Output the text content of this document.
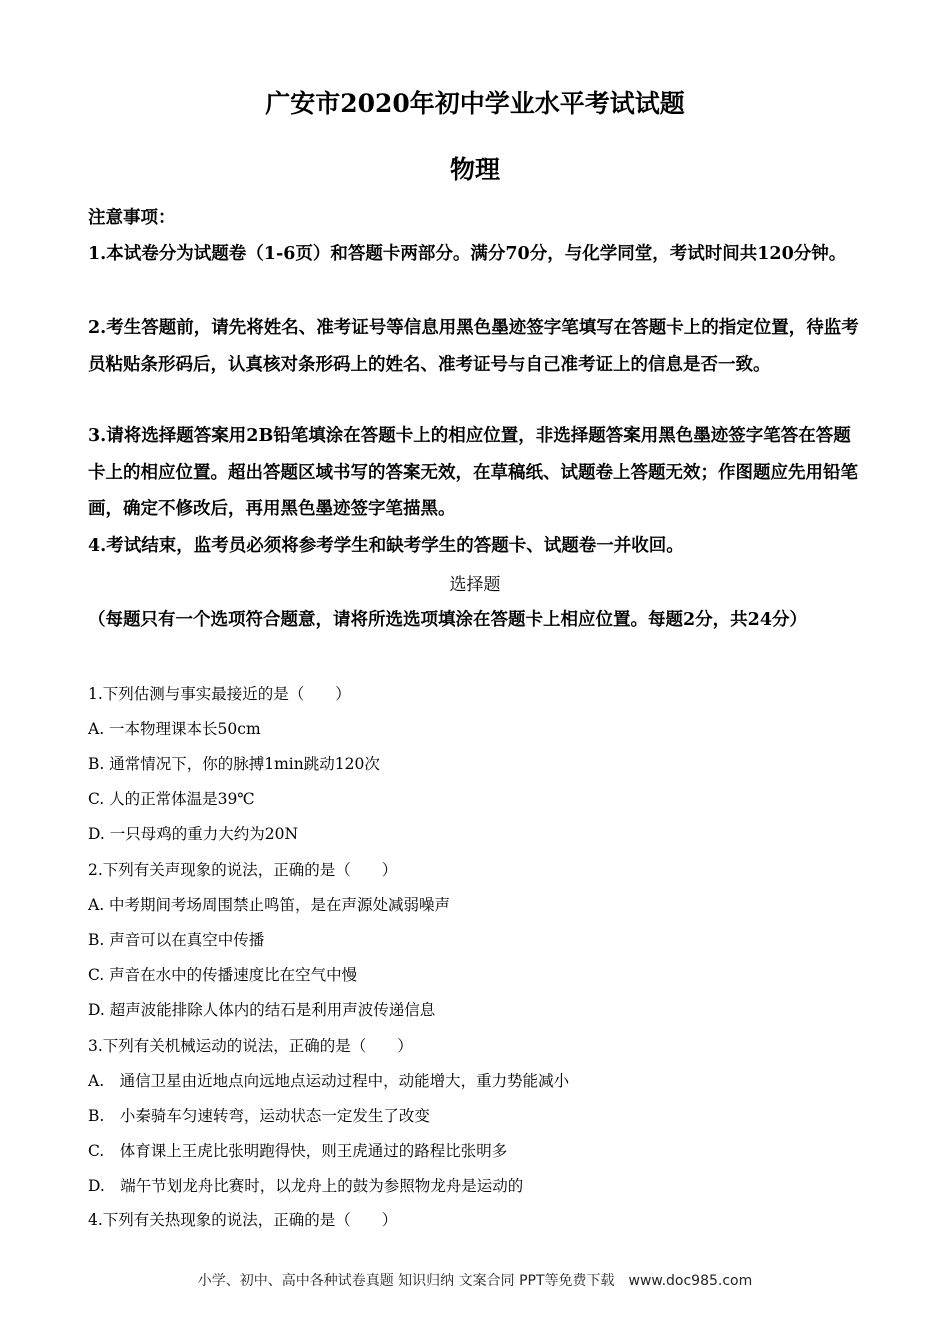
广安市2020年初中学业水平考试试题
物理
注意事项：
1.本试卷分为试题卷（1-6页）和答题卡两部分。满分70分，与化学同堂，考试时间共120分钟。
2.考生答题前，请先将姓名、准考证号等信息用黑色墨迹签字笔填写在答题卡上的指定位置，待监考员粘贴条形码后，认真核对条形码上的姓名、准考证号与自己准考证上的信息是否一致。
3.请将选择题答案用2B铅笔填涂在答题卡上的相应位置，非选择题答案用黑色墨迹签字笔答在答题卡上的相应位置。超出答题区域书写的答案无效，在草稿纸、试题卷上答题无效；作图题应先用铅笔画，确定不修改后，再用黑色墨迹签字笔描黑。
4.考试结束，监考员必须将参考学生和缺考学生的答题卡、试题卷一并收回。
选择题
（每题只有一个选项符合题意，请将所选选项填涂在答题卡上相应位置。每题2分，共24分）
1.下列估测与事实最接近的是（　　）
A. 一本物理课本长50cm
B. 通常情况下，你的脉搏1min跳动120次
C. 人的正常体温是39℃
D. 一只母鸡的重力大约为20N
2.下列有关声现象的说法，正确的是（　　）
A. 中考期间考场周围禁止鸣笛，是在声源处减弱噪声
B. 声音可以在真空中传播
C. 声音在水中的传播速度比在空气中慢
D. 超声波能排除人体内的结石是利用声波传递信息
3.下列有关机械运动的说法，正确的是（　　）
A.　通信卫星由近地点向远地点运动过程中，动能增大，重力势能减小
B.　小秦骑车匀速转弯，运动状态一定发生了改变
C.　体育课上王虎比张明跑得快，则王虎通过的路程比张明多
D.　端午节划龙舟比赛时，以龙舟上的鼓为参照物龙舟是运动的
4.下列有关热现象的说法，正确的是（　　）
小学、初中、高中各种试卷真题 知识归纳 文案合同 PPT等免费下载　www.doc985.com
